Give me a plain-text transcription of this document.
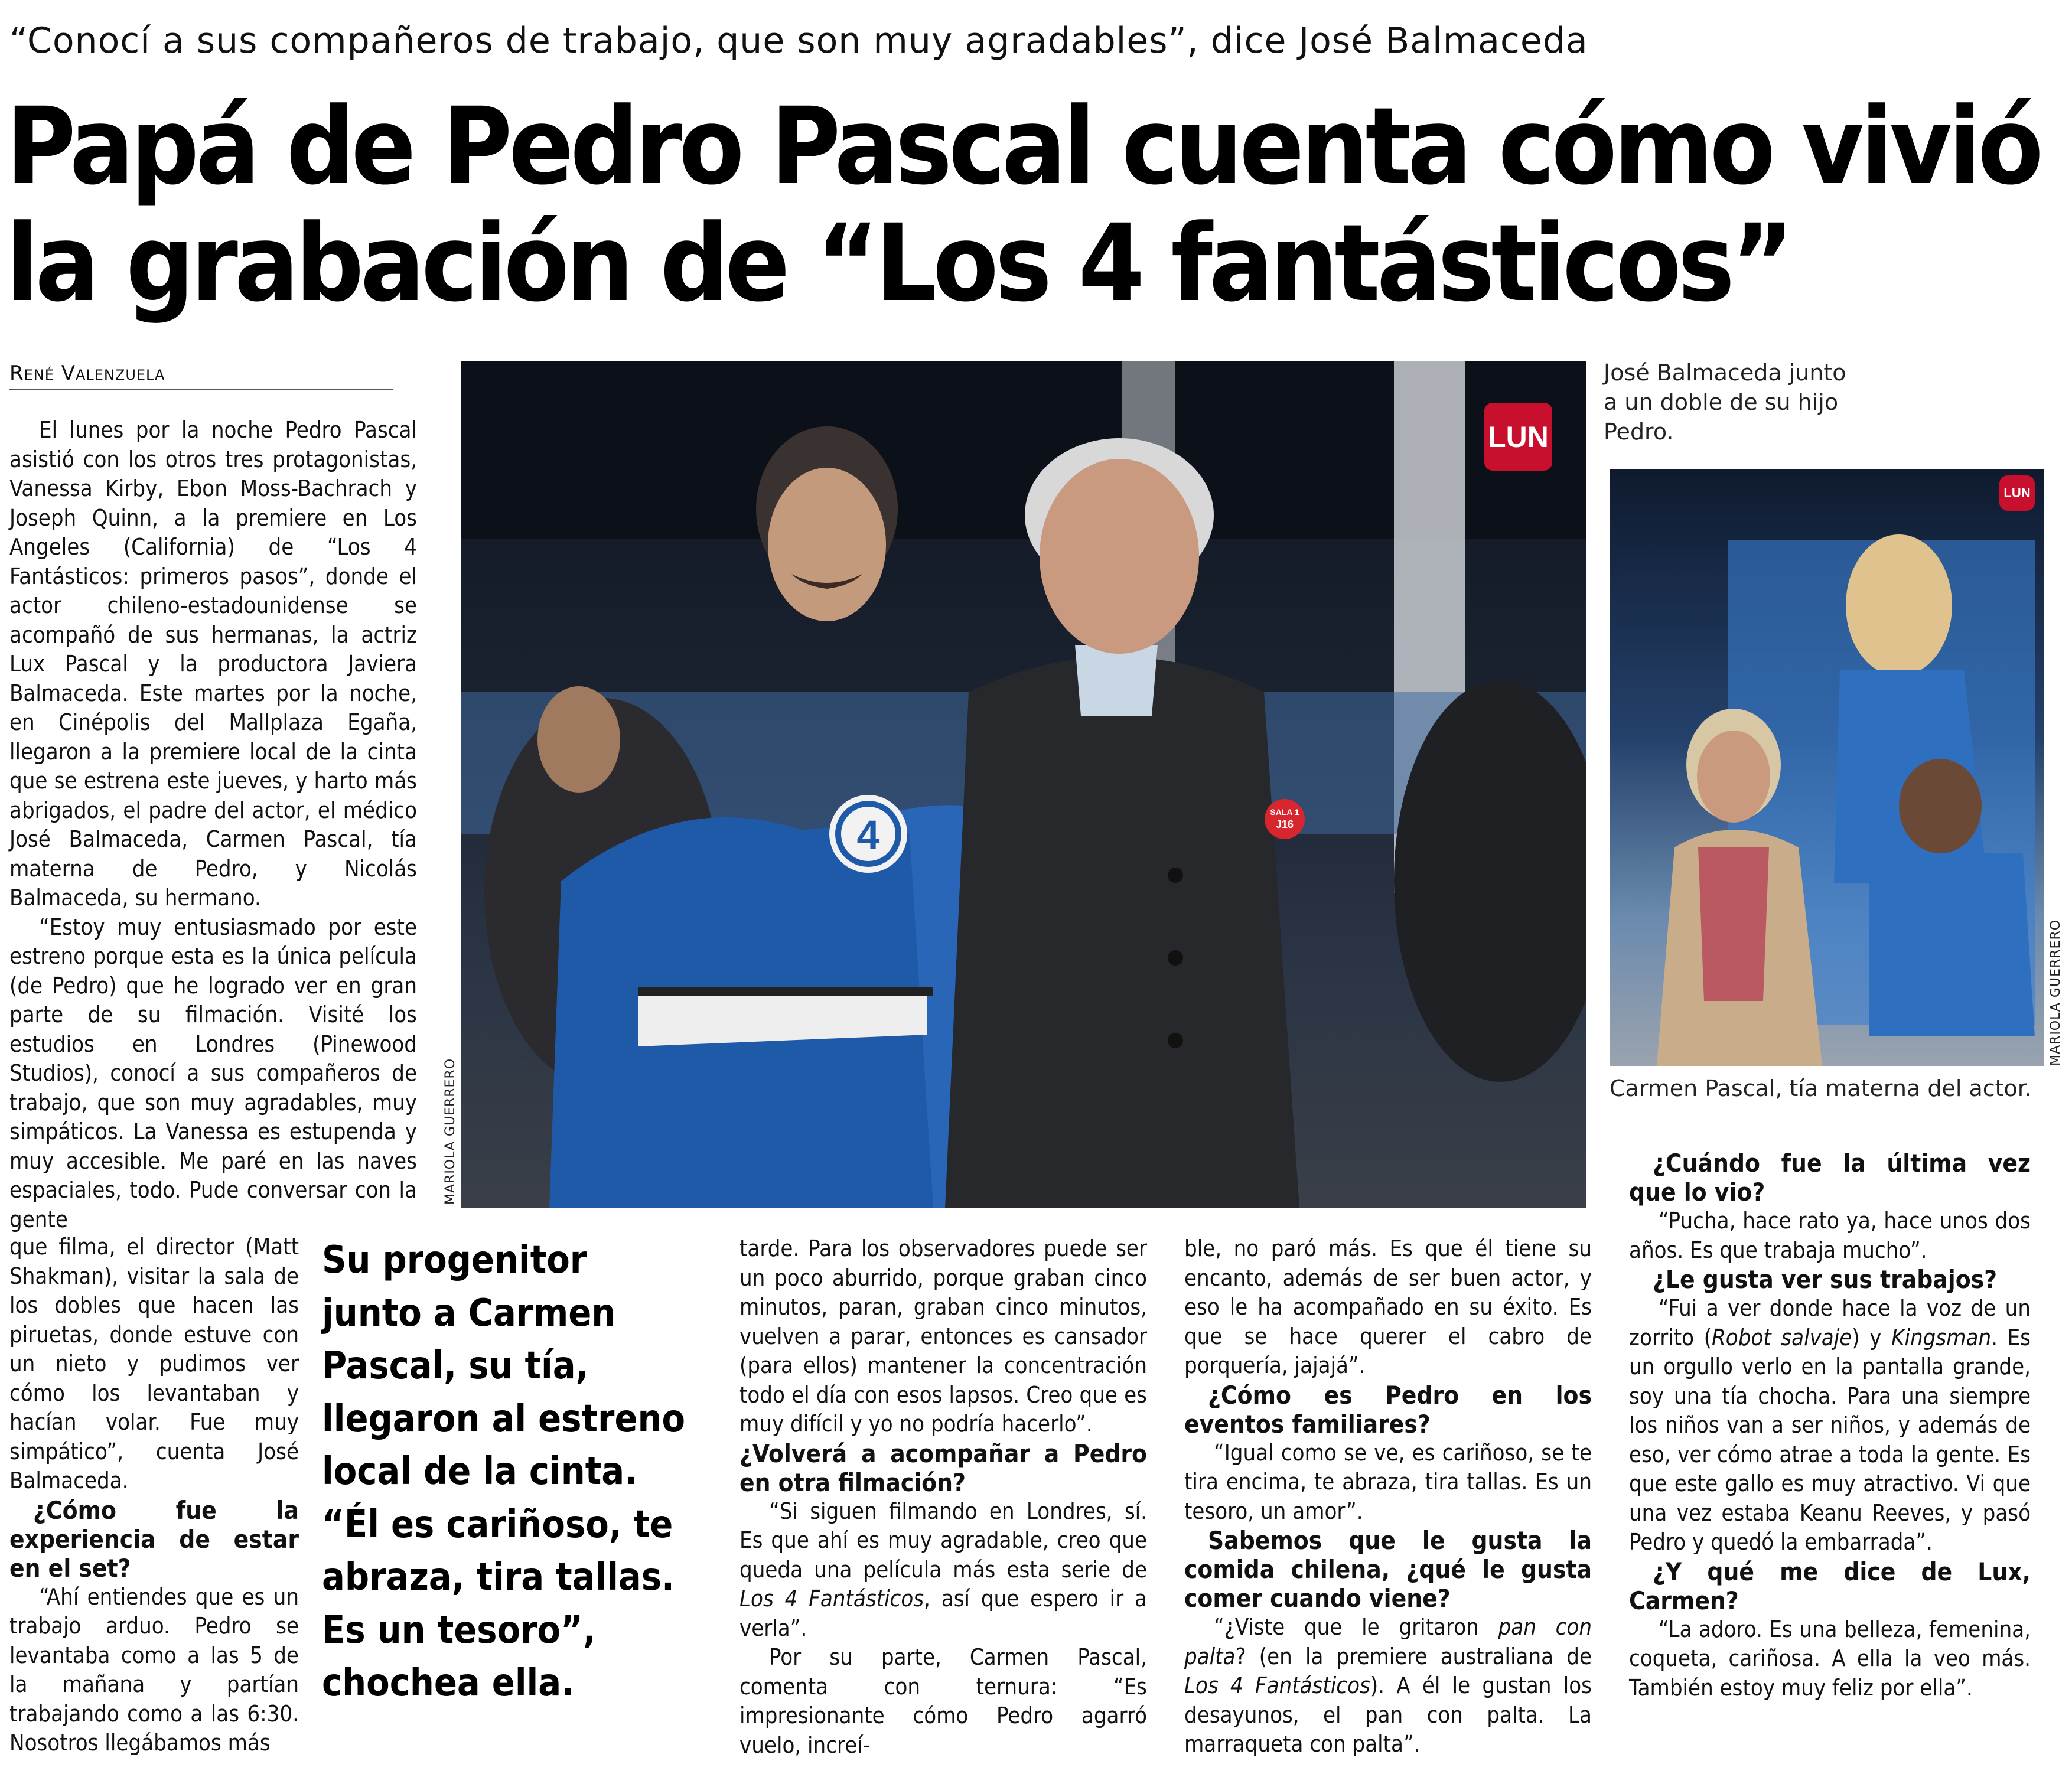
“Conocí a sus compañeros de trabajo, que son muy agradables”, dice José Balmaceda
Papá de Pedro Pascal cuenta cómo vivió
la grabación de “Los 4 fantásticos”
René Valenzuela
4	SALA 1
J16
LUN
MARIOLA GUERRERO
José Balmaceda junto a un doble de su hijo Pedro.
LUN
MARIOLA GUERRERO
Carmen Pascal, tía materna del actor.

El lunes por la noche Pedro Pascal asistió con los otros tres protagonistas, Vanessa Kirby, Ebon Moss-Bachrach y Joseph Quinn, a la premiere en Los Angeles (California) de “Los 4 Fantásticos: primeros pasos”, donde el actor chileno-estadounidense se acompañó de sus hermanas, la actriz Lux Pascal y la productora Javiera Balmaceda. Este martes por la noche, en Cinépolis del Mallplaza Egaña, llegaron a la premiere local de la cinta que se estrena este jueves, y harto más abrigados, el padre del actor, el médico José Balmaceda, Carmen Pascal, tía materna de Pedro, y Nicolás Balmaceda, su hermano.

“Estoy muy entusiasmado por este estreno porque esta es la única película (de Pedro) que he logrado ver en gran parte de su filmación. Visité los estudios en Londres (Pinewood Studios), conocí a sus compañeros de trabajo, que son muy agradables, muy simpáticos. La Vanessa es estupenda y muy accesible. Me paré en las naves espaciales, todo. Pude conversar con la gente

que filma, el director (Matt Shakman), visitar la sala de los dobles que hacen las piruetas, donde estuve con un nieto y pudimos ver cómo los levantaban y hacían volar. Fue muy simpático”, cuenta José Balmaceda.

¿Cómo fue la experiencia de estar en el set?

“Ahí entiendes que es un trabajo arduo. Pedro se levantaba como a las 5 de la mañana y partían trabajando como a las 6:30. Nosotros llegábamos más

Su progenitor junto a Carmen Pascal, su tía, llegaron al estreno local de la cinta. “Él es cariñoso, te abraza, tira tallas. Es un tesoro”, chochea ella.

tarde. Para los observadores puede ser un poco aburrido, porque graban cinco minutos, paran, graban cinco minutos, vuelven a parar, entonces es cansador (para ellos) mantener la concentración todo el día con esos lapsos. Creo que es muy difícil y yo no podría hacerlo”.

¿Volverá a acompañar a Pedro en otra filmación?

“Si siguen filmando en Londres, sí. Es que ahí es muy agradable, creo que queda una película más esta serie de Los 4 Fantásticos, así que espero ir a verla”.

Por su parte, Carmen Pascal, comenta con ternura: “Es impresionante cómo Pedro agarró vuelo, increí-

ble, no paró más. Es que él tiene su encanto, además de ser buen actor, y eso le ha acompañado en su éxito. Es que se hace querer el cabro de porquería, jajajá”.

¿Cómo es Pedro en los eventos familiares?

“Igual como se ve, es cariñoso, se te tira encima, te abraza, tira tallas. Es un tesoro, un amor”.

Sabemos que le gusta la comida chilena, ¿qué le gusta comer cuando viene?

“¿Viste que le gritaron pan con palta? (en la premiere australiana de Los 4 Fantásticos). A él le gustan los desayunos, el pan con palta. La marraqueta con palta”.

¿Cuándo fue la última vez que lo vio?

“Pucha, hace rato ya, hace unos dos años. Es que trabaja mucho”.

¿Le gusta ver sus trabajos?

“Fui a ver donde hace la voz de un zorrito (Robot salvaje) y Kingsman. Es un orgullo verlo en la pantalla grande, soy una tía chocha. Para una siempre los niños van a ser niños, y además de eso, ver cómo atrae a toda la gente. Es que este gallo es muy atractivo. Vi que una vez estaba Keanu Reeves, y pasó Pedro y quedó la embarrada”.

¿Y qué me dice de Lux, Carmen?

“La adoro. Es una belleza, femenina, coqueta, cariñosa. A ella la veo más. También estoy muy feliz por ella”.
